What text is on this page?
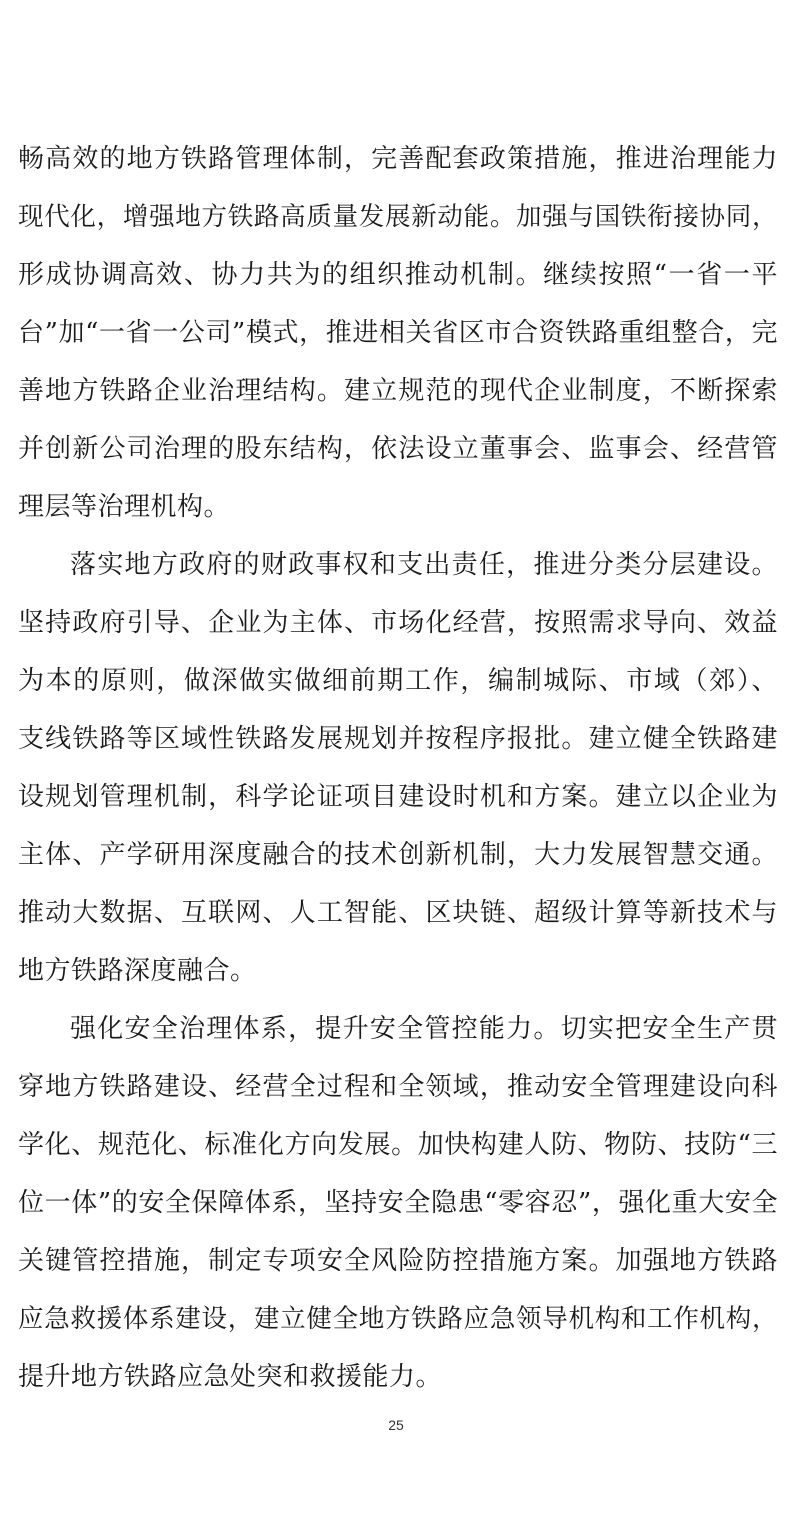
畅高效的地方铁路管理体制，完善配套政策措施，推进治理能力
现代化，增强地方铁路高质量发展新动能。加强与国铁衔接协同，
形成协调高效、协力共为的组织推动机制。继续按照“一省一平
台”加“一省一公司”模式，推进相关省区市合资铁路重组整合，完
善地方铁路企业治理结构。建立规范的现代企业制度，不断探索
并创新公司治理的股东结构，依法设立董事会、监事会、经营管
理层等治理机构。
落实地方政府的财政事权和支出责任，推进分类分层建设。
坚持政府引导、企业为主体、市场化经营，按照需求导向、效益
为本的原则，做深做实做细前期工作，编制城际、市域（郊）、
支线铁路等区域性铁路发展规划并按程序报批。建立健全铁路建
设规划管理机制，科学论证项目建设时机和方案。建立以企业为
主体、产学研用深度融合的技术创新机制，大力发展智慧交通。
推动大数据、互联网、人工智能、区块链、超级计算等新技术与
地方铁路深度融合。
强化安全治理体系，提升安全管控能力。切实把安全生产贯
穿地方铁路建设、经营全过程和全领域，推动安全管理建设向科
学化、规范化、标准化方向发展。加快构建人防、物防、技防“三
位一体”的安全保障体系，坚持安全隐患“零容忍”，强化重大安全
关键管控措施，制定专项安全风险防控措施方案。加强地方铁路
应急救援体系建设，建立健全地方铁路应急领导机构和工作机构，
提升地方铁路应急处突和救援能力。
25
